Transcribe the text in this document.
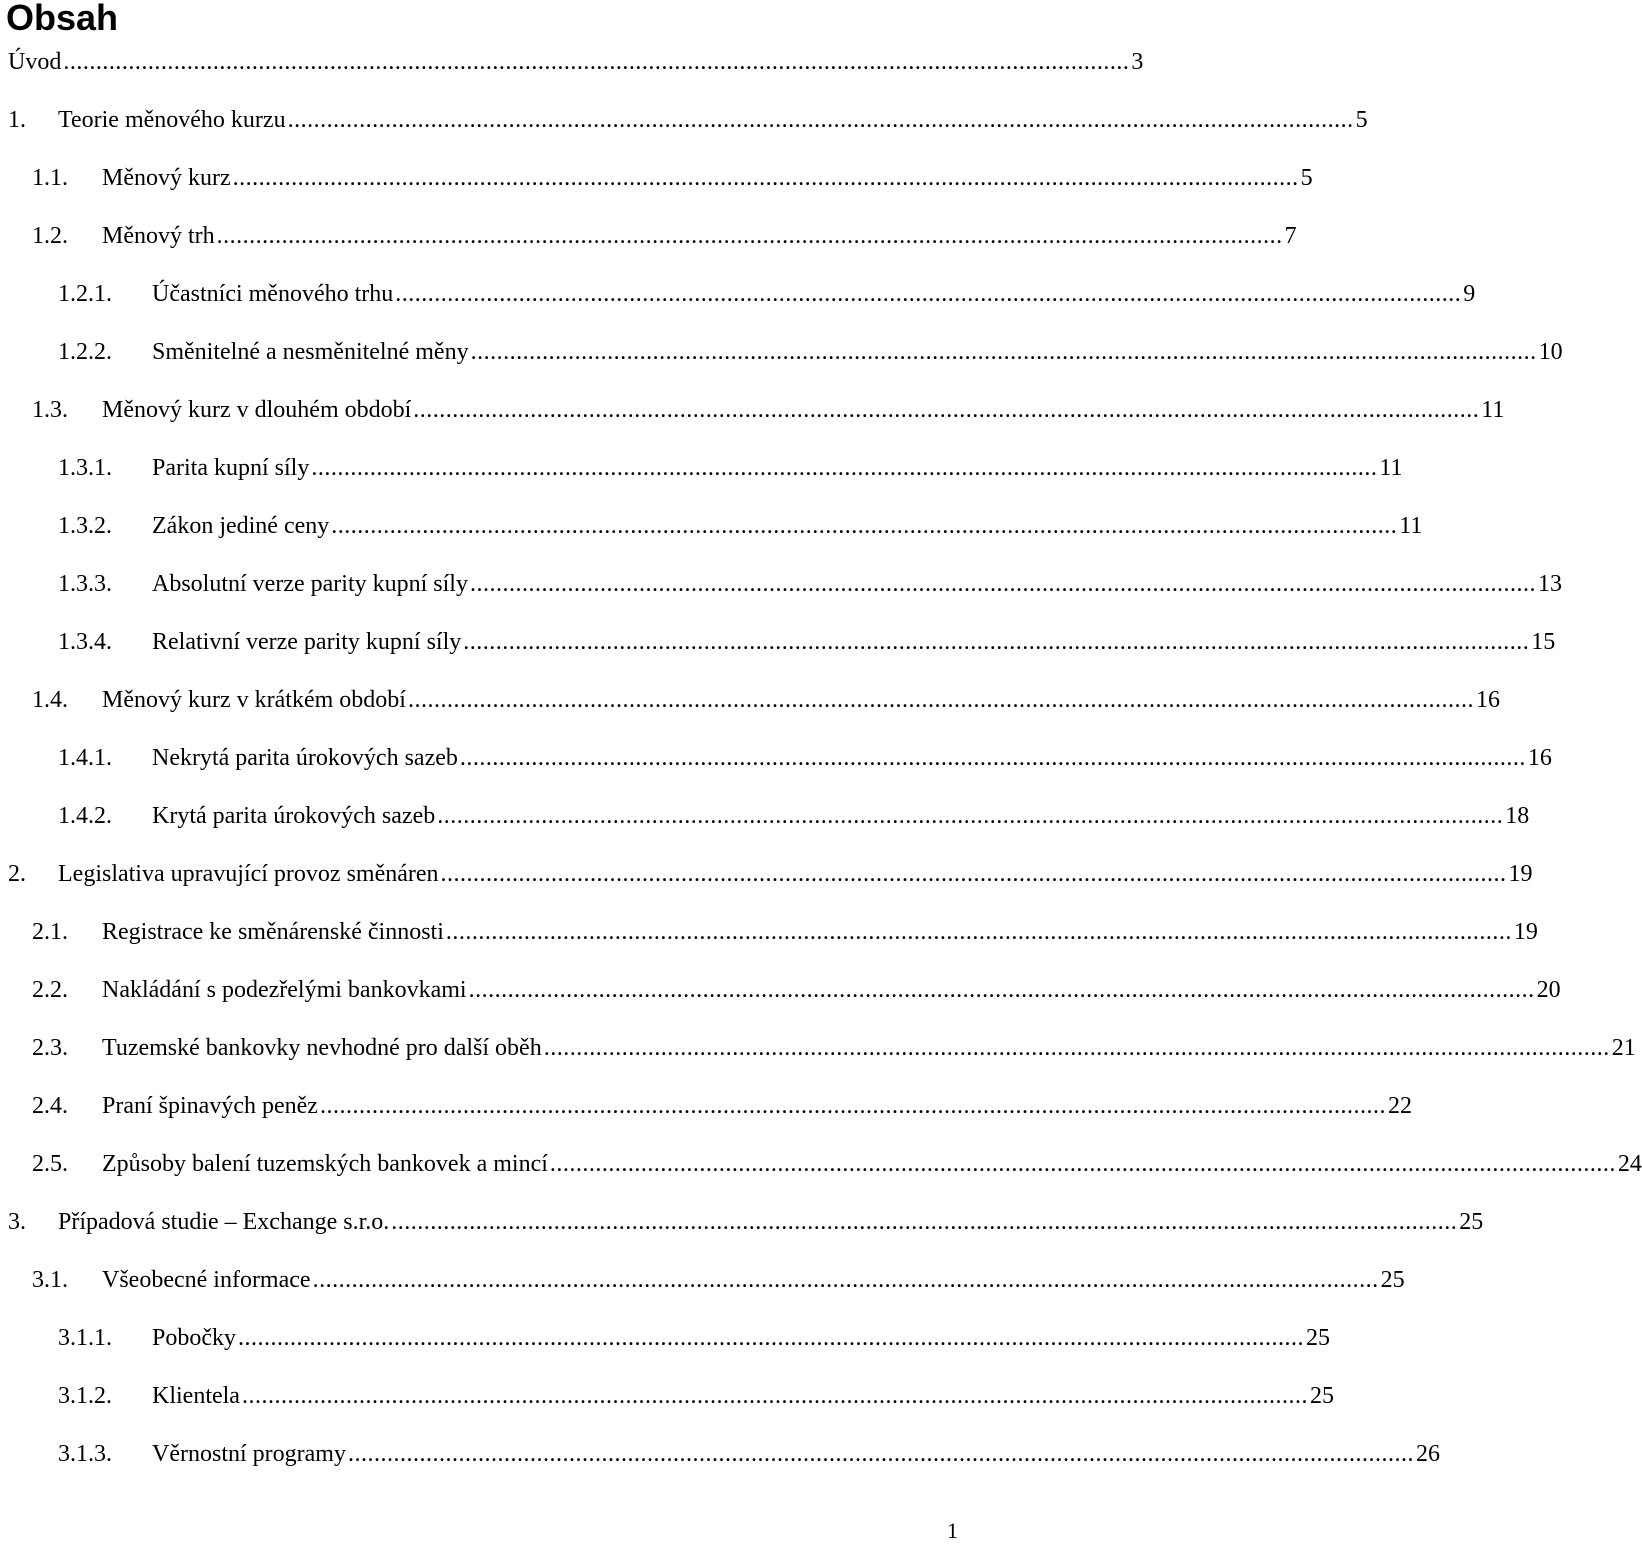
Obsah
Úvod .................................................................................................................................................................... 3
1.	Teorie měnového kurzu .................................................................................................................................................................... 5
1.1.	Měnový kurz .................................................................................................................................................................... 5
1.2.	Měnový trh .................................................................................................................................................................... 7
1.2.1.	Účastníci měnového trhu .................................................................................................................................................................... 9
1.2.2.	Směnitelné a nesměnitelné měny .................................................................................................................................................................... 10
1.3.	Měnový kurz v dlouhém období .................................................................................................................................................................... 11
1.3.1.	Parita kupní síly .................................................................................................................................................................... 11
1.3.2.	Zákon jediné ceny .................................................................................................................................................................... 11
1.3.3.	Absolutní verze parity kupní síly .................................................................................................................................................................... 13
1.3.4.	Relativní verze parity kupní síly .................................................................................................................................................................... 15
1.4.	Měnový kurz v krátkém období .................................................................................................................................................................... 16
1.4.1.	Nekrytá parita úrokových sazeb .................................................................................................................................................................... 16
1.4.2.	Krytá parita úrokových sazeb .................................................................................................................................................................... 18
2.	Legislativa upravující provoz směnáren .................................................................................................................................................................... 19
2.1.	Registrace ke směnárenské činnosti .................................................................................................................................................................... 19
2.2.	Nakládání s podezřelými bankovkami .................................................................................................................................................................... 20
2.3.	Tuzemské bankovky nevhodné pro další oběh .................................................................................................................................................................... 21
2.4.	Praní špinavých peněz .................................................................................................................................................................... 22
2.5.	Způsoby balení tuzemských bankovek a mincí .................................................................................................................................................................... 24
3.	Případová studie – Exchange s.r.o. .................................................................................................................................................................... 25
3.1.	Všeobecné informace .................................................................................................................................................................... 25
3.1.1.	Pobočky .................................................................................................................................................................... 25
3.1.2.	Klientela .................................................................................................................................................................... 25
3.1.3.	Věrnostní programy .................................................................................................................................................................... 26
1
